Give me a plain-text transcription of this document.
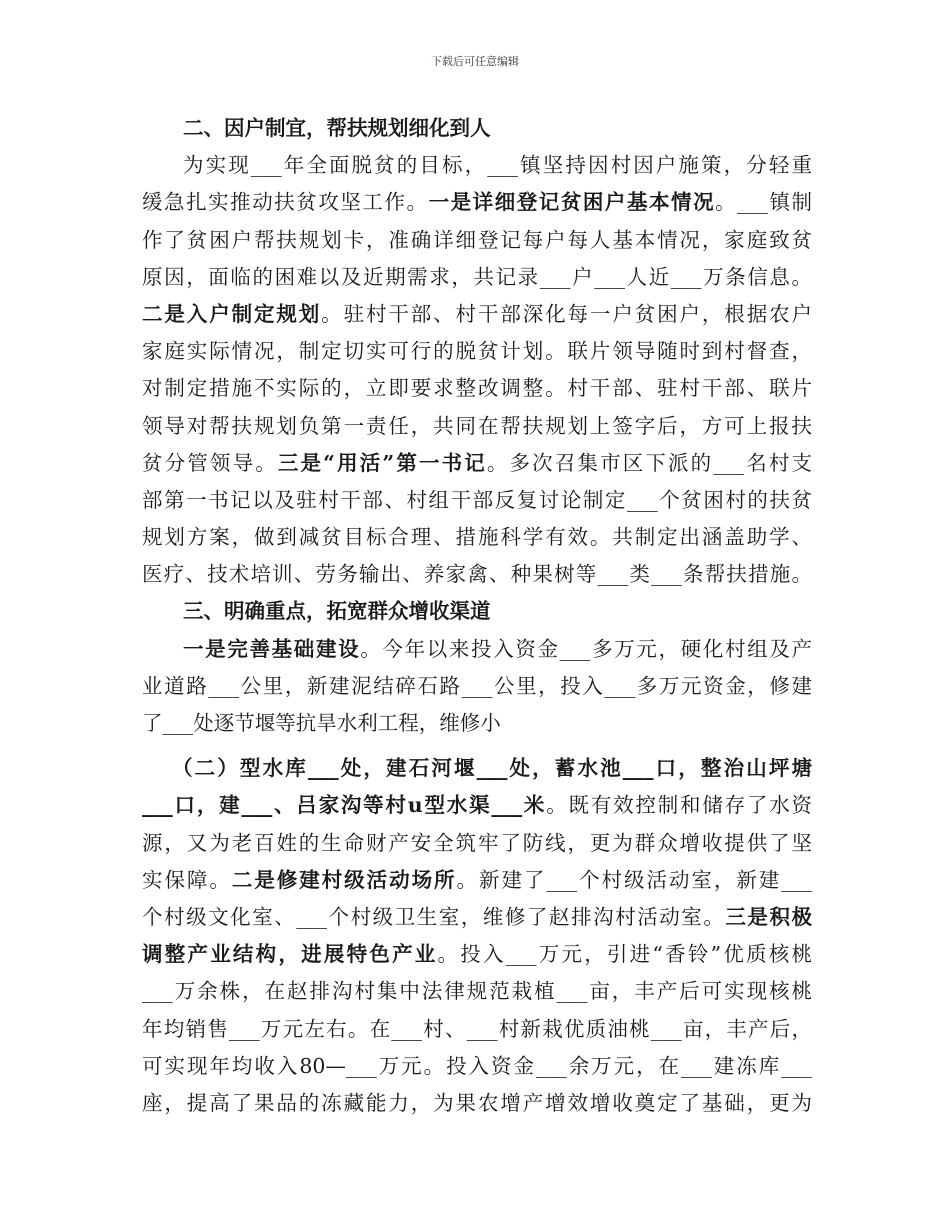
下载后可任意编辑
二、因户制宜，帮扶规划细化到人
为实现___年全面脱贫的目标，___镇坚持因村因户施策，分轻重
缓急扎实推动扶贫攻坚工作。一是详细登记贫困户基本情况。___镇制
作了贫困户帮扶规划卡，准确详细登记每户每人基本情况，家庭致贫
原因，面临的困难以及近期需求，共记录___户___人近___万条信息。
二是入户制定规划。驻村干部、村干部深化每一户贫困户，根据农户
家庭实际情况，制定切实可行的脱贫计划。联片领导随时到村督查，
对制定措施不实际的，立即要求整改调整。村干部、驻村干部、联片
领导对帮扶规划负第一责任，共同在帮扶规划上签字后，方可上报扶
贫分管领导。三是“用活”第一书记。多次召集市区下派的___名村支
部第一书记以及驻村干部、村组干部反复讨论制定___个贫困村的扶贫
规划方案，做到减贫目标合理、措施科学有效。共制定出涵盖助学、
医疗、技术培训、劳务输出、养家禽、种果树等___类___条帮扶措施。
三、明确重点，拓宽群众增收渠道
一是完善基础建设。今年以来投入资金___多万元，硬化村组及产
业道路___公里，新建泥结碎石路___公里，投入___多万元资金，修建
了___处逐节堰等抗旱水利工程，维修小
（二）型水库___处，建石河堰___处，蓄水池___口，整治山坪塘
___口，建___、吕家沟等村u型水渠___米。既有效控制和储存了水资
源，又为老百姓的生命财产安全筑牢了防线，更为群众增收提供了坚
实保障。二是修建村级活动场所。新建了___个村级活动室，新建___
个村级文化室、___个村级卫生室，维修了赵排沟村活动室。三是积极
调整产业结构，进展特色产业。投入___万元，引进“香铃”优质核桃
___万余株，在赵排沟村集中法律规范栽植___亩，丰产后可实现核桃
年均销售___万元左右。在___村、___村新栽优质油桃___亩，丰产后，
可实现年均收入80—___万元。投入资金___余万元，在___建冻库___
座，提高了果品的冻藏能力，为果农增产增效增收奠定了基础，更为
